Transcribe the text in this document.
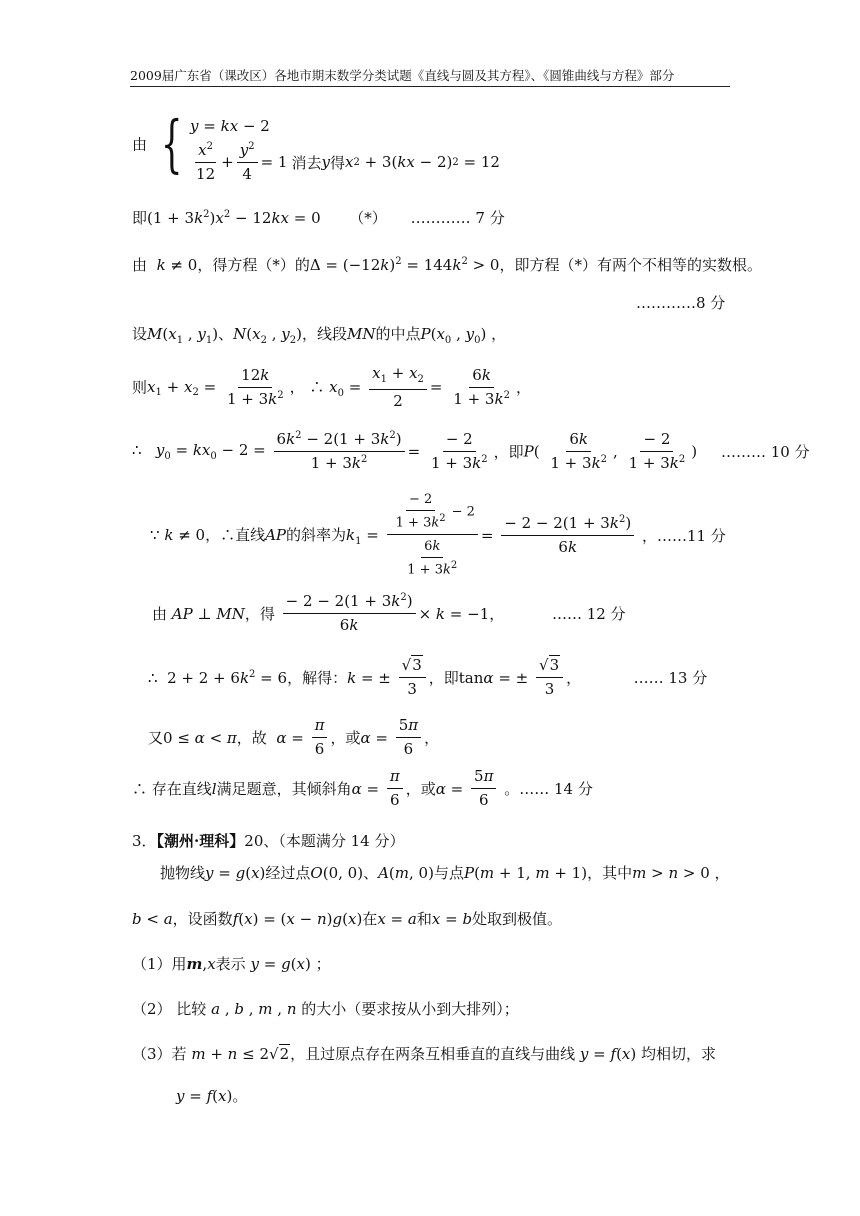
2009届广东省（课改区）各地市期末数学分类试题《直线与圆及其方程》、《圆锥曲线与方程》部分
由 { y = kx − 2
$\frac{x^2}{12} + \frac{y^2}{4} = 1$ 消去 y 得 x 2 + 3( kx − 2) 2 = 12
即$(1 + 3k^2)x^2 - 12kx = 0$      （*） ………… 7 分
由 k ≠ 0，得方程（*）的$\Delta = (-12k)^2 = 144k^2 > 0$，即方程（*）有两个不相等的实数根。
…………8 分
设$M(x_1$ , $y_1$)、$N(x_2$ , $y_2$)，线段MN的中点$P(x_0$ , $y_0$) ，
则$x_1 + x_2 = \frac{12k}{1 + 3k^2}$ ， ∴ $x_0 = \frac{x_1 + x_2}{2} = \frac{6k}{1 + 3k^2}$ ，
∴   $y_0 = kx_0 - 2 = \frac{6k^2 - 2(1 + 3k^2)}{1 + 3k^2} = \frac{- 2}{1 + 3k^2}$ ，即$P( \frac{6k}{1 + 3k^2}$ , $\frac{- 2}{1 + 3k^2}$ )     ……… 10 分
∵ k ≠ 0，∴直线AP的斜率为$k_1 = \frac{\frac{- 2}{1 + 3k^2} - 2}{\frac{6k}{1 + 3k^2}} = \frac{- 2 - 2(1 + 3k^2)}{6k}$ ，……11 分
由 AP ⊥ MN，得 $\frac{- 2 - 2(1 + 3k^2)}{6k} \times k = -1$，          …… 12 分
∴  $2 + 2 + 6k^2 = 6$，解得：k = ± $\frac{√3}{3}$ ，即tanα = ± $\frac{√3}{3}$ ，           …… 13 分
又0 ≤ α < π，故 $\alpha = \frac{\pi}{6}$ ，或$\alpha = \frac{5\pi}{6}$ ，
∴ 存在直线l满足题意，其倾斜角$\alpha = \frac{\pi}{6}$ ，或$\alpha = \frac{5\pi}{6}$ 。…… 14 分
3．【潮州·理科】20、（本题满分 14 分）
抛物线y = g(x)经过点O(0, 0)、A(m, 0)与点P(m + 1, m + 1)，其中m > n > 0 ，
b < a，设函数f(x) = (x − n)g(x)在x = a和x = b处取到极值。
（1）用m,x表示 y = g(x) ；
（2） 比较 a , b , m , n 的大小（要求按从小到大排列）；
（3）若 m + n ≤ 2√2，且过原点存在两条互相垂直的直线与曲线 y = f(x) 均相切，求
y = f(x)。
